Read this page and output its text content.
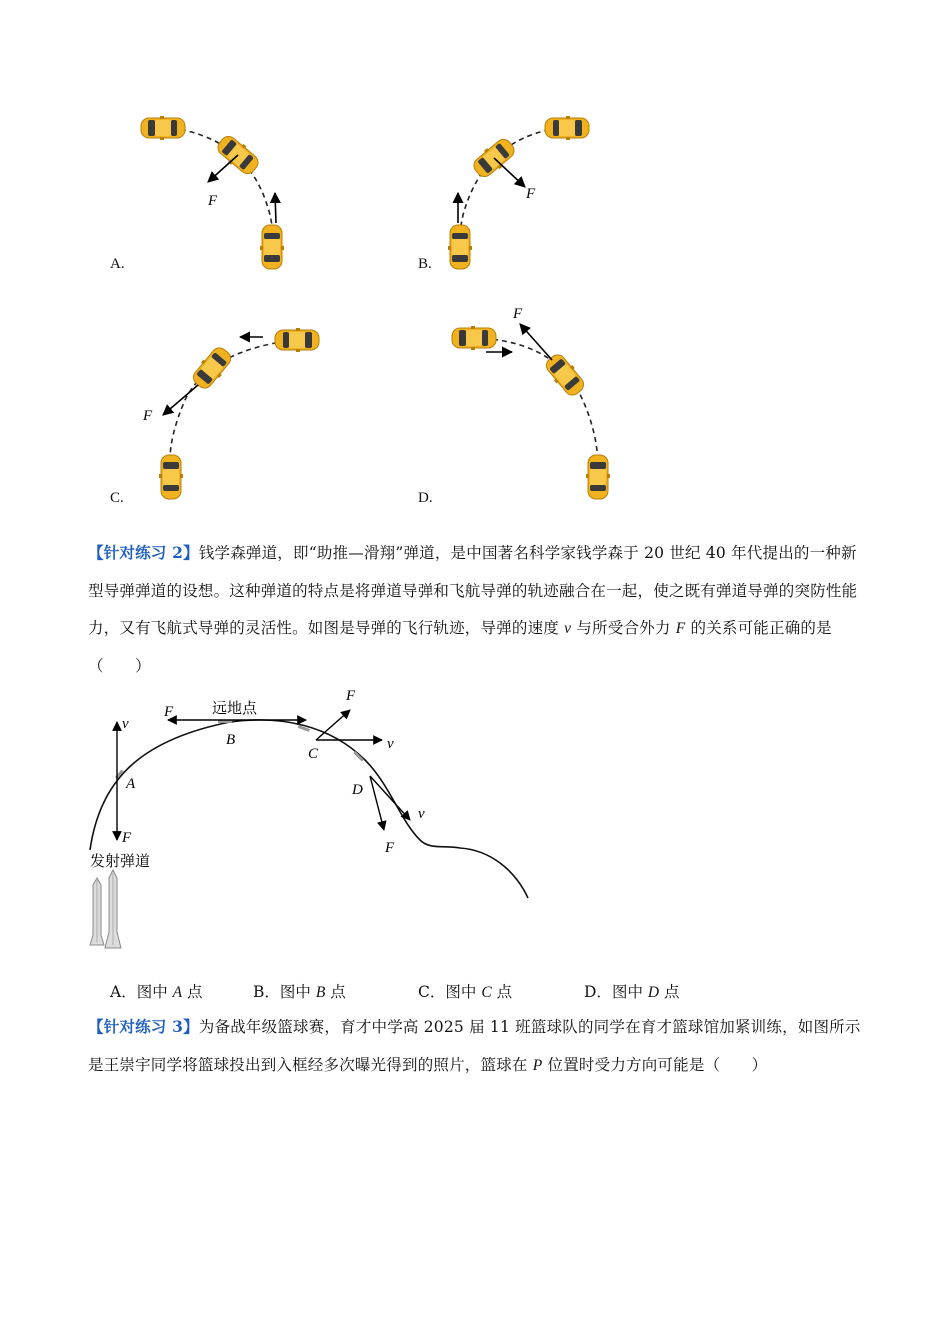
F
A.
F
B.
F
C.
F
D.
【针对练习 2】钱学森弹道，即“助推—滑翔”弹道，是中国著名科学家钱学森于 20 世纪 40 年代提出的一种新型导弹弹道的设想。这种弹道的特点是将弹道导弹和飞航导弹的轨迹融合在一起，使之既有弹道导弹的突防性能力，又有飞航式导弹的灵活性。如图是导弹的飞行轨迹，导弹的速度 v 与所受合外力 F 的关系可能正确的是（　　）
v
F
A
F	远地点
B
F
v
C
v
F
D
发射弹道
A．图中 A 点	B．图中 B 点	C．图中 C 点	D．图中 D 点
【针对练习 3】为备战年级篮球赛，育才中学高 2025 届 11 班篮球队的同学在育才篮球馆加紧训练，如图所示是王崇宇同学将篮球投出到入框经多次曝光得到的照片，篮球在 P 位置时受力方向可能是（　　）
